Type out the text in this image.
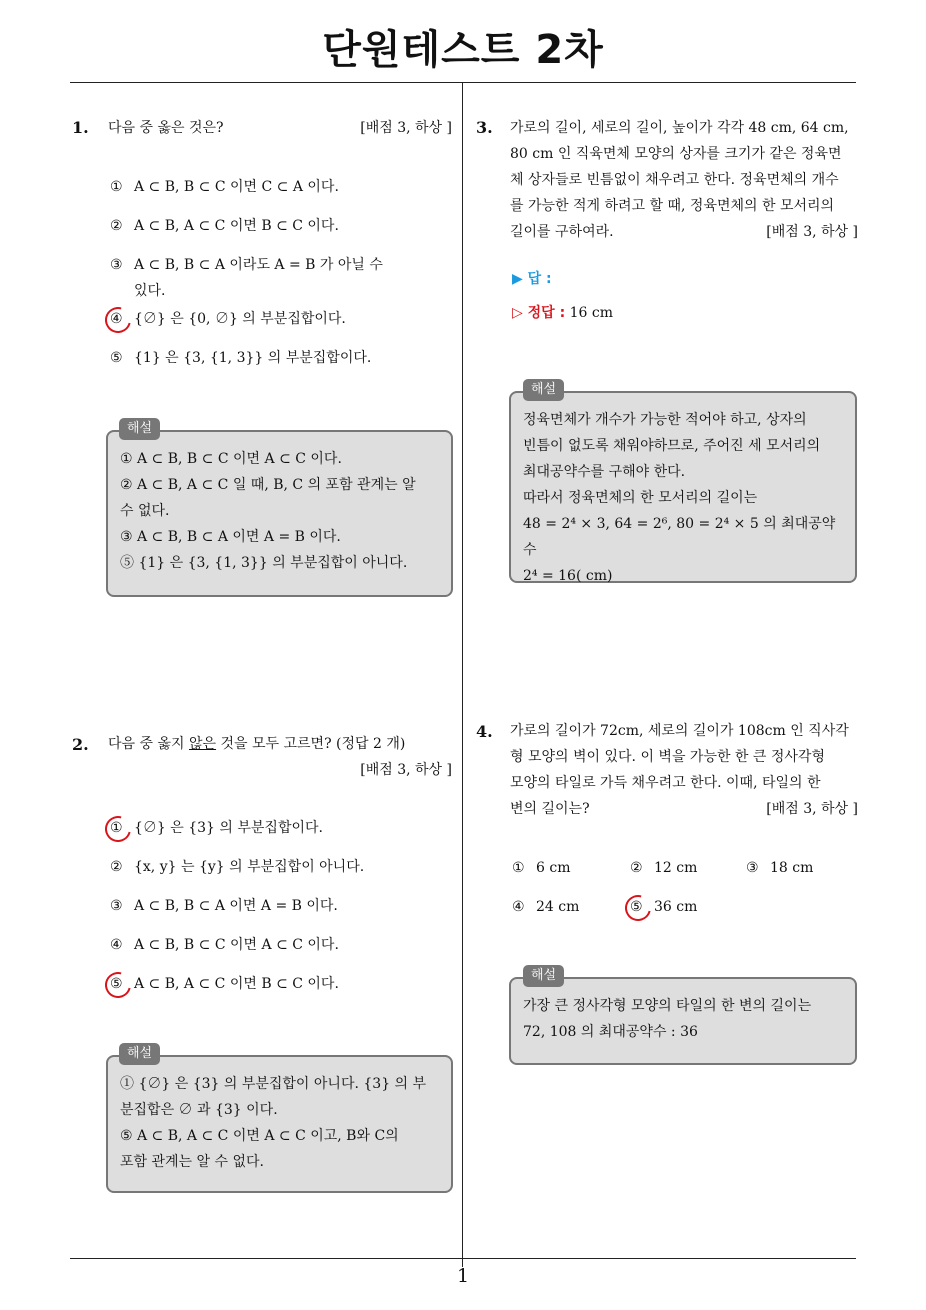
단원테스트 2차
1
1. 다음 중 옳은 것은?	[배점 3, 하상 ]
① A ⊂ B, B ⊂ C 이면 C ⊂ A 이다.
② A ⊂ B, A ⊂ C 이면 B ⊂ C 이다.
③ A ⊂ B, B ⊂ A 이라도 A = B 가 아닐 수
있다.
④ {∅} 은 {0, ∅} 의 부분집합이다.
⑤ {1} 은 {3, {1, 3}} 의 부분집합이다.
① A ⊂ B, B ⊂ C 이면 A ⊂ C 이다.
② A ⊂ B, A ⊂ C 일 때, B, C 의 포함 관계는 알
수 없다.
③ A ⊂ B, B ⊂ A 이면 A = B 이다.
⑤ {1} 은 {3, {1, 3}} 의 부분집합이 아니다.
해설
2. 다음 중 옳지 않은 것을 모두 고르면? (정답 2 개)
[배점 3, 하상 ]
① {∅} 은 {3} 의 부분집합이다.
② {x, y} 는 {y} 의 부분집합이 아니다.
③ A ⊂ B, B ⊂ A 이면 A = B 이다.
④ A ⊂ B, B ⊂ C 이면 A ⊂ C 이다.
⑤ A ⊂ B, A ⊂ C 이면 B ⊂ C 이다.
① {∅} 은 {3} 의 부분집합이 아니다. {3} 의 부
분집합은 ∅ 과 {3} 이다.
⑤ A ⊂ B, A ⊂ C 이면 A ⊂ C 이고, B와 C의
포함 관계는 알 수 없다.
해설
3. 가로의 길이, 세로의 길이, 높이가 각각 48 cm, 64 cm,
80 cm 인 직육면체 모양의 상자를 크기가 같은 정육면
체 상자들로 빈틈없이 채우려고 한다. 정육면체의 개수
를 가능한 적게 하려고 할 때, 정육면체의 한 모서리의
길이를 구하여라.	[배점 3, 하상 ]
▶ 답 :
▷ 정답 : 16 cm
정육면체가 개수가 가능한 적어야 하고, 상자의
빈틈이 없도록 채워야하므로, 주어진 세 모서리의
최대공약수를 구해야 한다.
따라서 정육면체의 한 모서리의 길이는
48 = 2⁴ × 3, 64 = 2⁶, 80 = 2⁴ × 5 의 최대공약수
2⁴ = 16( cm)
해설
4. 가로의 길이가 72cm, 세로의 길이가 108cm 인 직사각
형 모양의 벽이 있다. 이 벽을 가능한 한 큰 정사각형
모양의 타일로 가득 채우려고 한다. 이때, 타일의 한
변의 길이는?	[배점 3, 하상 ]
① 6 cm	② 12 cm	③ 18 cm
④ 24 cm	⑤ 36 cm
가장 큰 정사각형 모양의 타일의 한 변의 길이는
72, 108 의 최대공약수 : 36
해설
